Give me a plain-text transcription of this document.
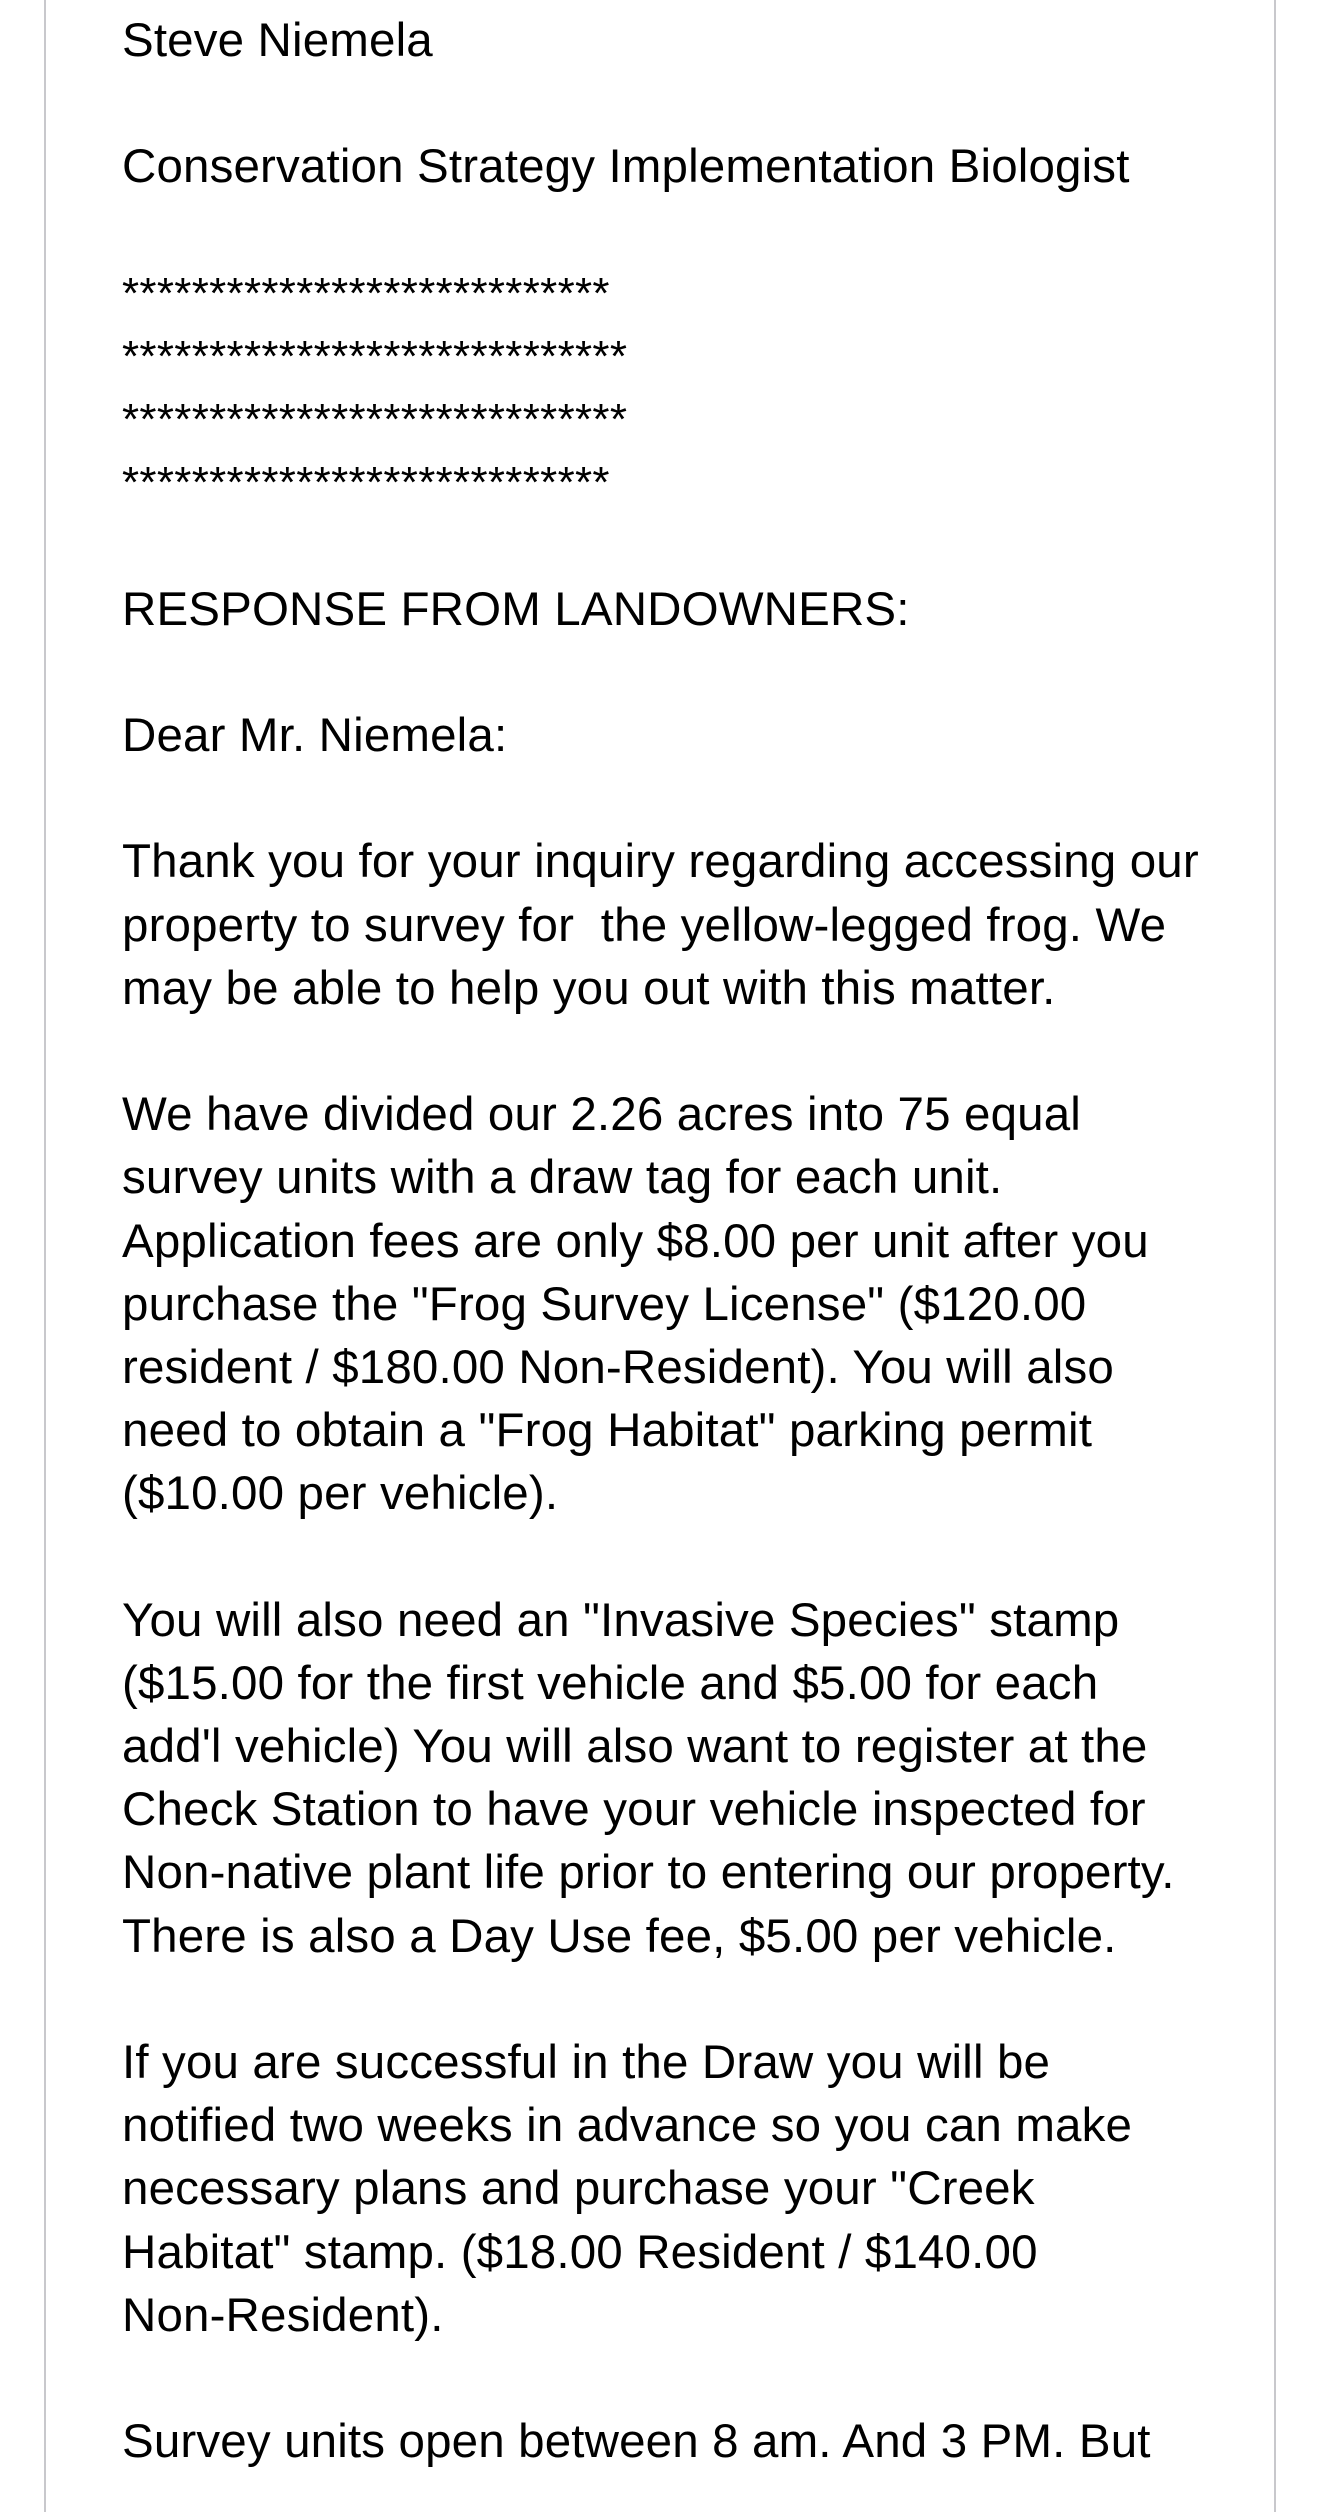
Steve Niemela
Conservation Strategy Implementation Biologist
****************************
*****************************
*****************************
****************************
RESPONSE FROM LANDOWNERS:
Dear Mr. Niemela:
Thank you for your inquiry regarding accessing our
property to survey for  the yellow-legged frog. We
may be able to help you out with this matter.
We have divided our 2.26 acres into 75 equal
survey units with a draw tag for each unit.
Application fees are only $8.00 per unit after you
purchase the "Frog Survey License" ($120.00
resident / $180.00 Non-Resident). You will also
need to obtain a "Frog Habitat" parking permit
($10.00 per vehicle).
You will also need an "Invasive Species" stamp
($15.00 for the first vehicle and $5.00 for each
add'l vehicle) You will also want to register at the
Check Station to have your vehicle inspected for
Non-native plant life prior to entering our property.
There is also a Day Use fee, $5.00 per vehicle.
If you are successful in the Draw you will be
notified two weeks in advance so you can make
necessary plans and purchase your "Creek
Habitat" stamp. ($18.00 Resident / $140.00
Non-Resident).
Survey units open between 8 am. And 3 PM. But
